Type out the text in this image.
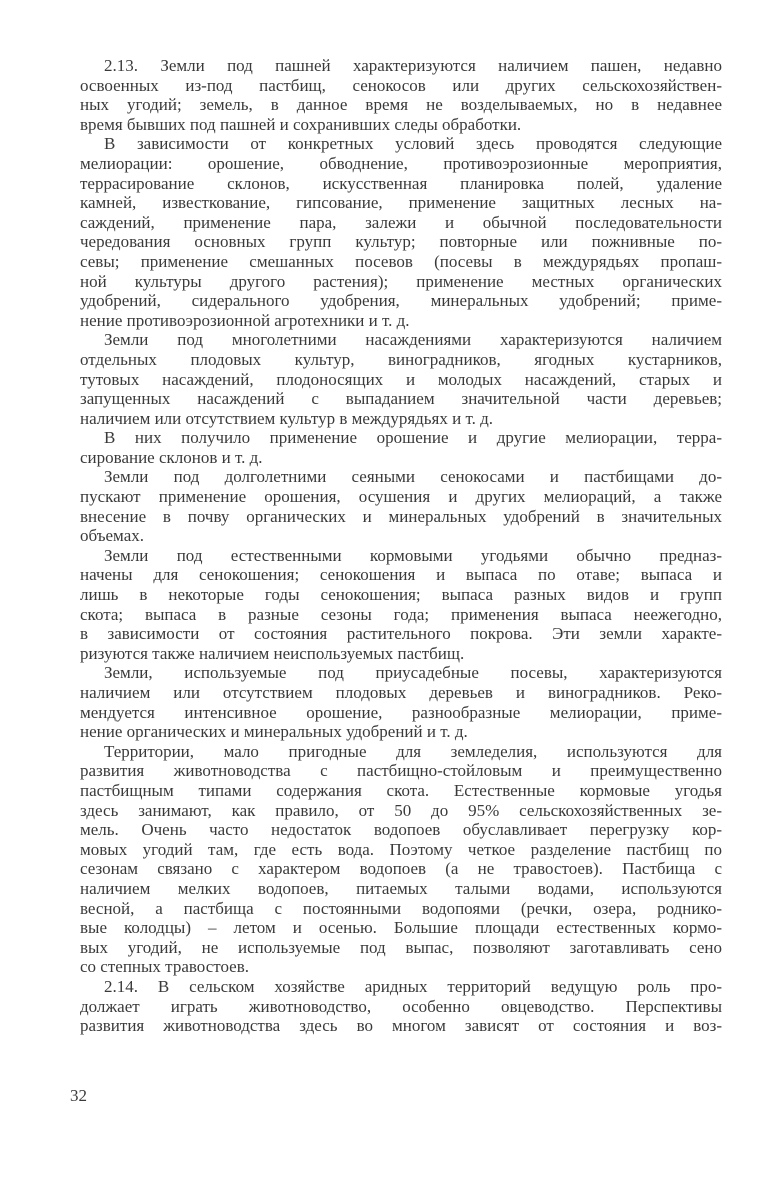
2.13. Земли под пашней характеризуются наличием пашен, недавно
освоенных из-под пастбищ, сенокосов или других сельскохозяйствен-
ных угодий; земель, в данное время не возделываемых, но в недавнее
время бывших под пашней и сохранивших следы обработки.
В зависимости от конкретных условий здесь проводятся следующие
мелиорации: орошение, обводнение, противоэрозионные мероприятия,
террасирование склонов, искусственная планировка полей, удаление
камней, известкование, гипсование, применение защитных лесных на-
саждений, применение пара, залежи и обычной последовательности
чередования основных групп культур; повторные или пожнивные по-
севы; применение смешанных посевов (посевы в междурядьях пропаш-
ной культуры другого растения); применение местных органических
удобрений, сидерального удобрения, минеральных удобрений; приме-
нение противоэрозионной агротехники и т. д.
Земли под многолетними насаждениями характеризуются наличием
отдельных плодовых культур, виноградников, ягодных кустарников,
тутовых насаждений, плодоносящих и молодых насаждений, старых и
запущенных насаждений с выпаданием значительной части деревьев;
наличием или отсутствием культур в междурядьях и т. д.
В них получило применение орошение и другие мелиорации, терра-
сирование склонов и т. д.
Земли под долголетними сеяными сенокосами и пастбищами до-
пускают применение орошения, осушения и других мелиораций, а также
внесение в почву органических и минеральных удобрений в значительных
объемах.
Земли под естественными кормовыми угодьями обычно предназ-
начены для сенокошения; сенокошения и выпаса по отаве; выпаса и
лишь в некоторые годы сенокошения; выпаса разных видов и групп
скота; выпаса в разные сезоны года; применения выпаса неежегодно,
в зависимости от состояния растительного покрова. Эти земли характе-
ризуются также наличием неиспользуемых пастбищ.
Земли, используемые под приусадебные посевы, характеризуются
наличием или отсутствием плодовых деревьев и виноградников. Реко-
мендуется интенсивное орошение, разнообразные мелиорации, приме-
нение органических и минеральных удобрений и т. д.
Территории, мало пригодные для земледелия, используются для
развития животноводства с пастбищно-стойловым и преимущественно
пастбищным типами содержания скота. Естественные кормовые угодья
здесь занимают, как правило, от 50 до 95% сельскохозяйственных зе-
мель. Очень часто недостаток водопоев обуславливает перегрузку кор-
мовых угодий там, где есть вода. Поэтому четкое разделение пастбищ по
сезонам связано с характером водопоев (а не травостоев). Пастбища с
наличием мелких водопоев, питаемых талыми водами, используются
весной, а пастбища с постоянными водопоями (речки, озера, роднико-
вые колодцы) – летом и осенью. Большие площади естественных кормо-
вых угодий, не используемые под выпас, позволяют заготавливать сено
со степных травостоев.
2.14. В сельском хозяйстве аридных территорий ведущую роль про-
должает играть животноводство, особенно овцеводство. Перспективы
развития животноводства здесь во многом зависят от состояния и воз-
32
